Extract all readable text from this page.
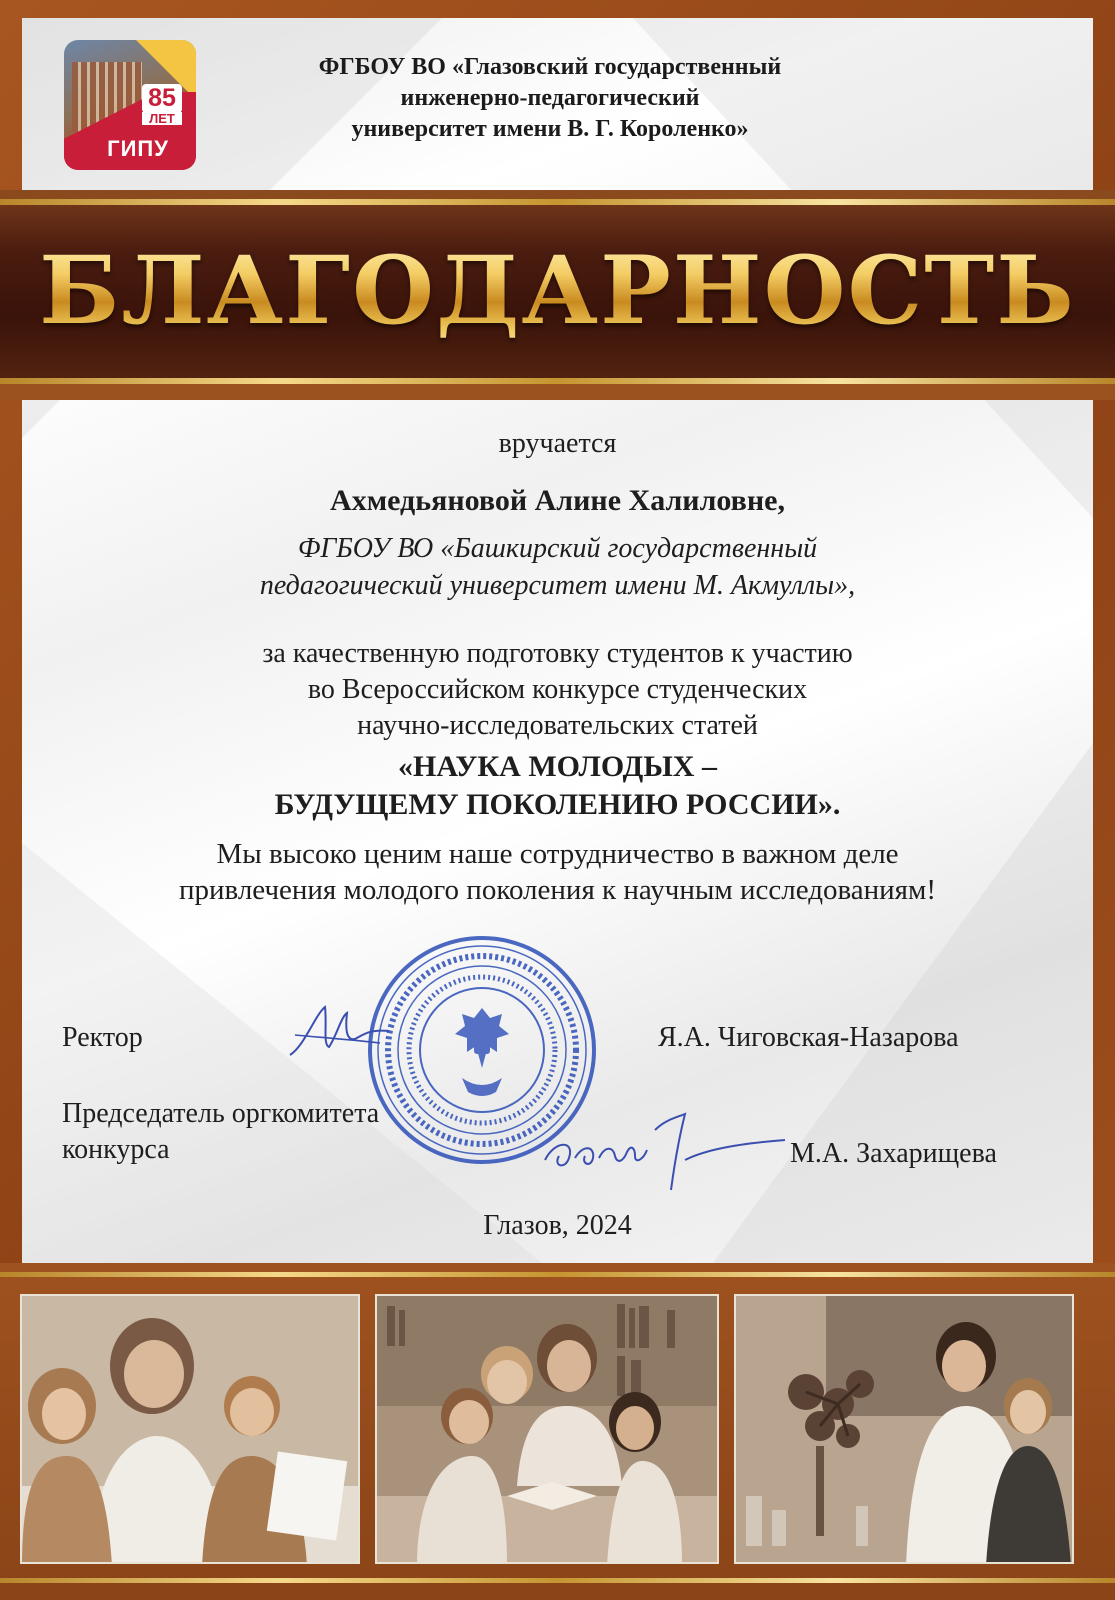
85
ЛЕТ
ГИПУ
ФГБОУ ВО «Глазовский государственный
инженерно-педагогический
университет имени В. Г. Короленко»
БЛАГОДАРНОСТЬ
вручается
Ахмедьяновой Алине Халиловне,
ФГБОУ ВО «Башкирский государственный
педагогический университет имени М. Акмуллы»,
за качественную подготовку студентов к участию
во Всероссийском конкурсе студенческих
научно-исследовательских статей
«НАУКА МОЛОДЫХ –
БУДУЩЕМУ ПОКОЛЕНИЮ РОССИИ».
Мы высоко ценим наше сотрудничество в важном деле
привлечения молодого поколения к научным исследованиям!
Ректор	Я.А. Чиговская-Назарова
Председатель оргкомитета
конкурса	М.А. Захарищева
Глазов, 2024
